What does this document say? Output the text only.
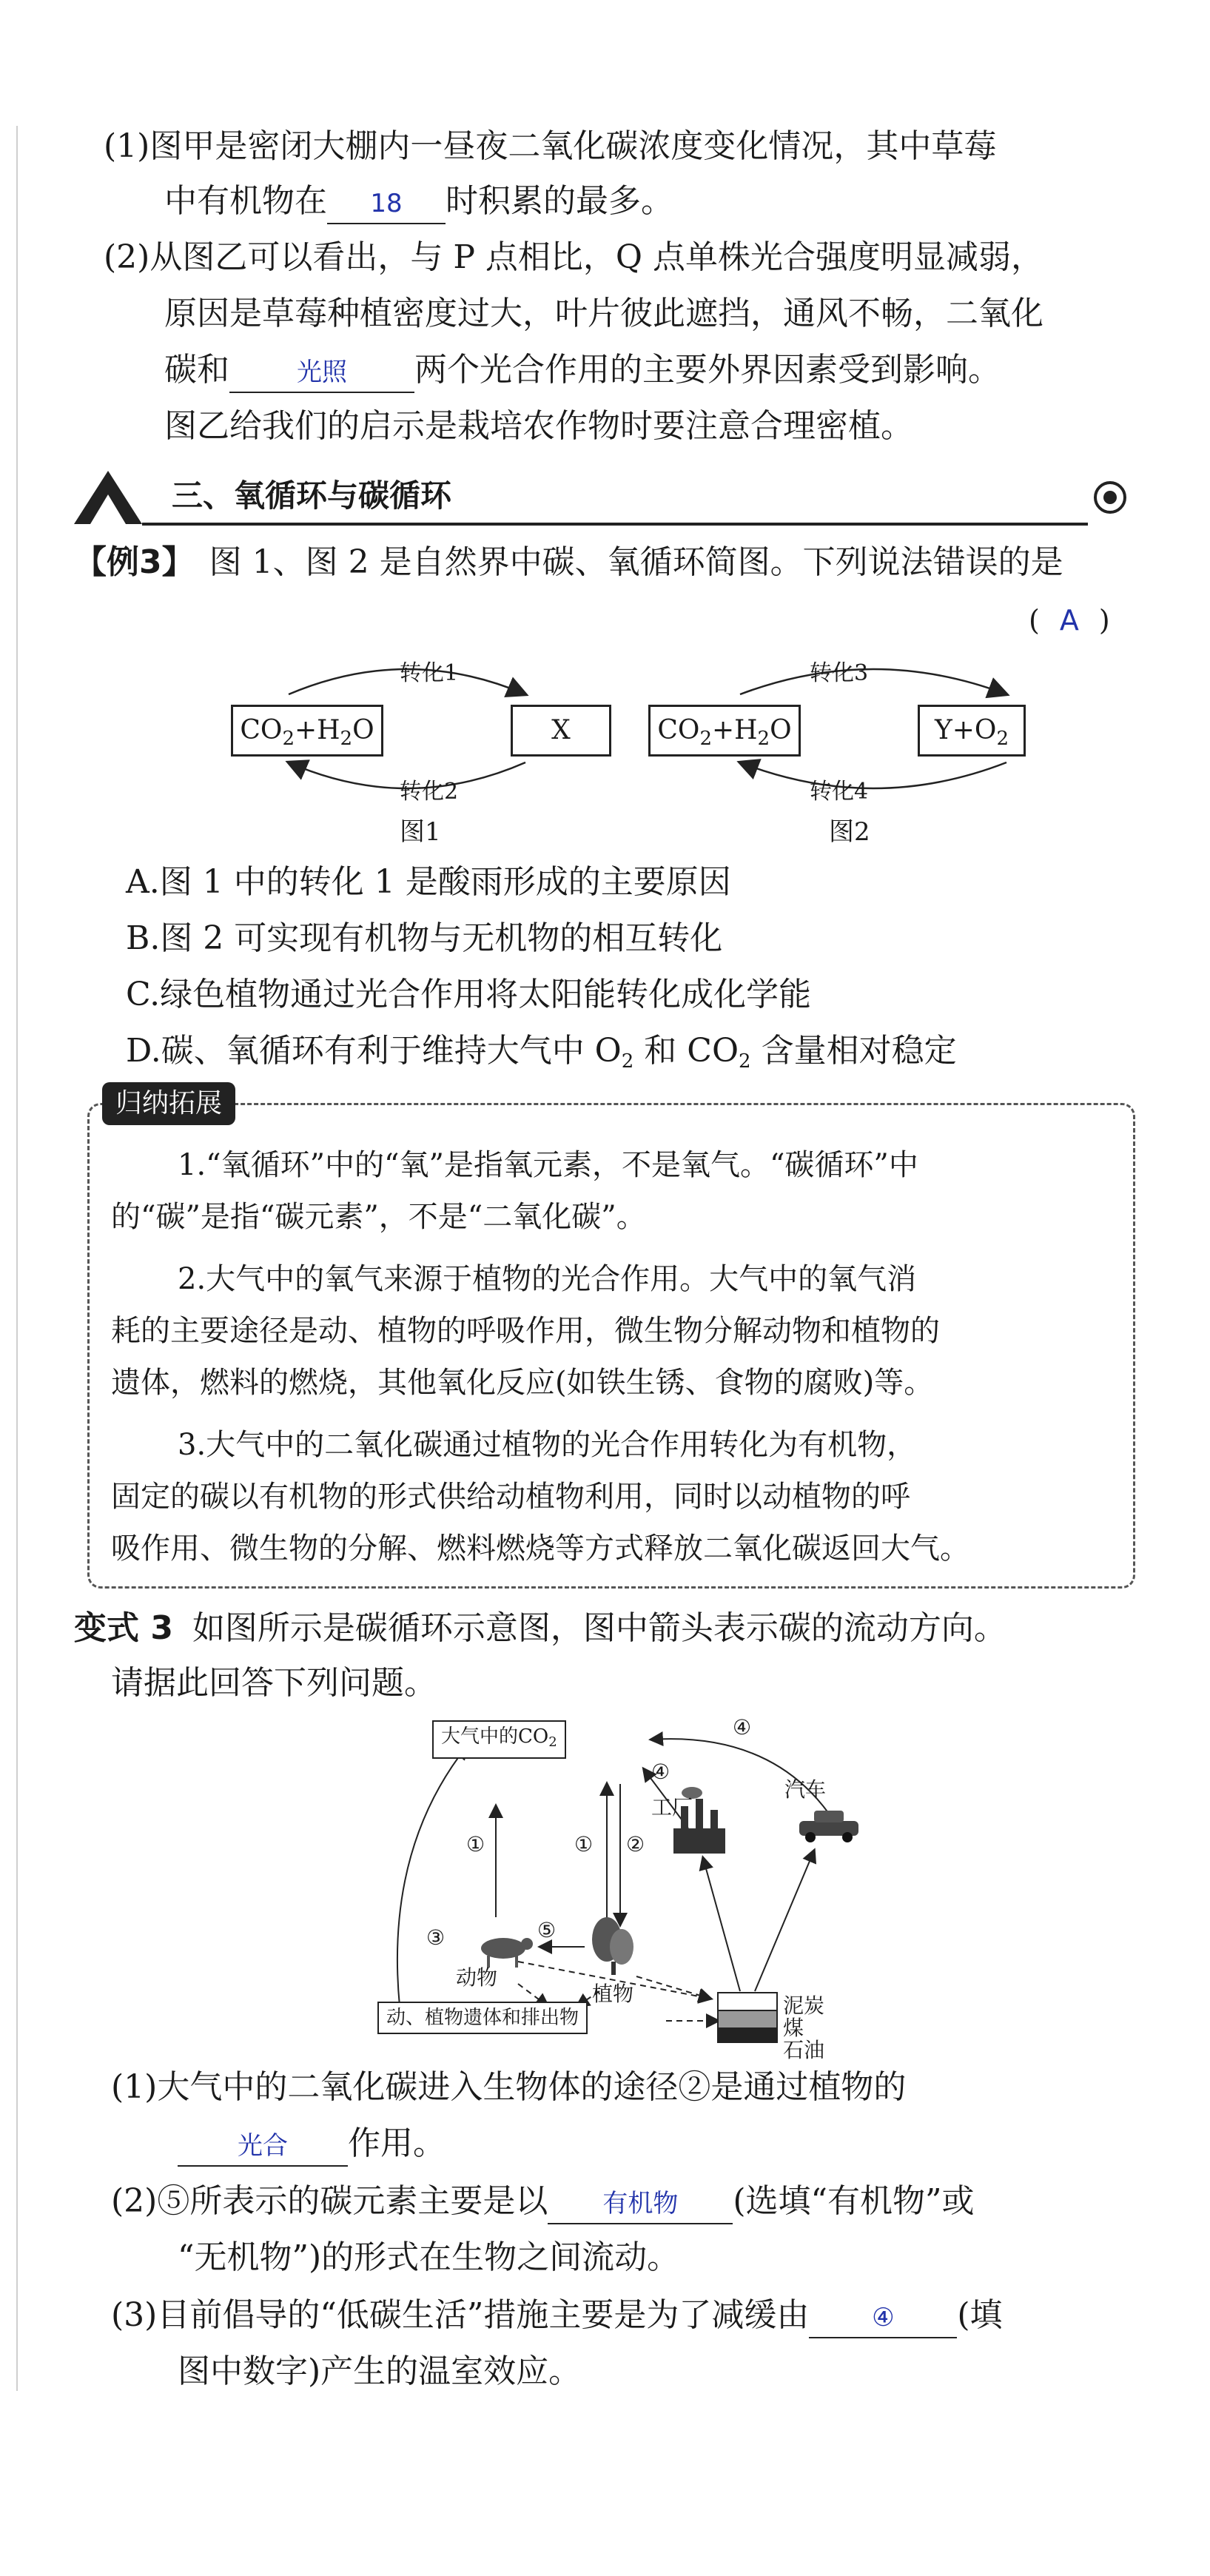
(1)图甲是密闭大棚内一昼夜二氧化碳浓度变化情况，其中草莓
中有机物在 18 时积累的最多。
(2)从图乙可以看出，与 P 点相比，Q 点单株光合强度明显减弱，
原因是草莓种植密度过大，叶片彼此遮挡，通风不畅，二氧化
碳和	光照 两个光合作用的主要外界因素受到影响。
图乙给我们的启示是栽培农作物时要注意合理密植。
三、氧循环与碳循环
【例3】 图 1、图 2 是自然界中碳、氧循环简图。下列说法错误的是
( A )
转化1
转化2
$CO_2+H_2O$	X
图1
转化3
转化4
$CO_2+H_2O$	$Y+O_2$
图2
A.图 1 中的转化 1 是酸雨形成的主要原因
B.图 2 可实现有机物与无机物的相互转化
C.绿色植物通过光合作用将太阳能转化成化学能
D.碳、氧循环有利于维持大气中 $O_2$ 和 $CO_2$ 含量相对稳定
归纳拓展
1.“氧循环”中的“氧”是指氧元素，不是氧气。“碳循环”中
的“碳”是指“碳元素”，不是“二氧化碳”。
2.大气中的氧气来源于植物的光合作用。大气中的氧气消
耗的主要途径是动、植物的呼吸作用，微生物分解动物和植物的
遗体，燃料的燃烧，其他氧化反应(如铁生锈、食物的腐败)等。
3.大气中的二氧化碳通过植物的光合作用转化为有机物，
固定的碳以有机物的形式供给动植物利用，同时以动植物的呼
吸作用、微生物的分解、燃料燃烧等方式释放二氧化碳返回大气。
变式 3 如图所示是碳循环示意图，图中箭头表示碳的流动方向。
请据此回答下列问题。
大气中的$CO_2$
动、植物遗体和排出物
工厂
汽车
动物
植物	泥炭
煤
石油
①	① ②
③
④
④
⑤
(1)大气中的二氧化碳进入生物体的途径②是通过植物的
光合 作用。
(2)⑤所表示的碳元素主要是以 有机物 (选填“有机物”或
“无机物”)的形式在生物之间流动。
(3)目前倡导的“低碳生活”措施主要是为了减缓由 ④ (填
图中数字)产生的温室效应。
